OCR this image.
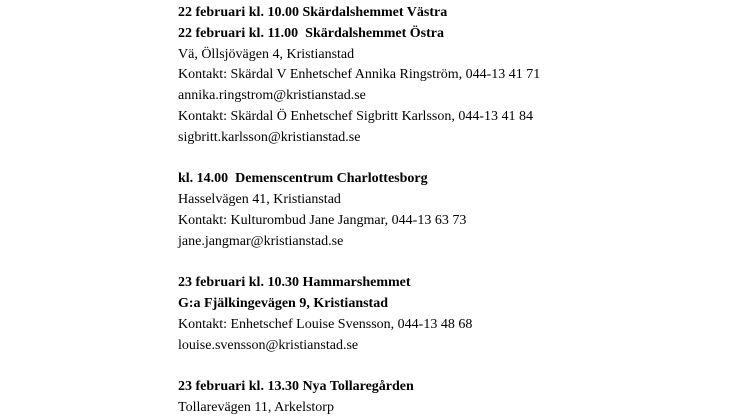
22 februari kl. 10.00 Skärdalshemmet Västra
22 februari kl. 11.00  Skärdalshemmet Östra
Vä, Öllsjövägen 4, Kristianstad
Kontakt: Skärdal V Enhetschef Annika Ringström, 044-13 41 71
annika.ringstrom@kristianstad.se
Kontakt: Skärdal Ö Enhetschef Sigbritt Karlsson, 044-13 41 84
sigbritt.karlsson@kristianstad.se
kl. 14.00  Demenscentrum Charlottesborg
Hasselvägen 41, Kristianstad
Kontakt: Kulturombud Jane Jangmar, 044-13 63 73
jane.jangmar@kristianstad.se
23 februari kl. 10.30 Hammarshemmet
G:a Fjälkingevägen 9, Kristianstad
Kontakt: Enhetschef Louise Svensson, 044-13 48 68
louise.svensson@kristianstad.se
23 februari kl. 13.30 Nya Tollaregården
Tollarevägen 11, Arkelstorp
